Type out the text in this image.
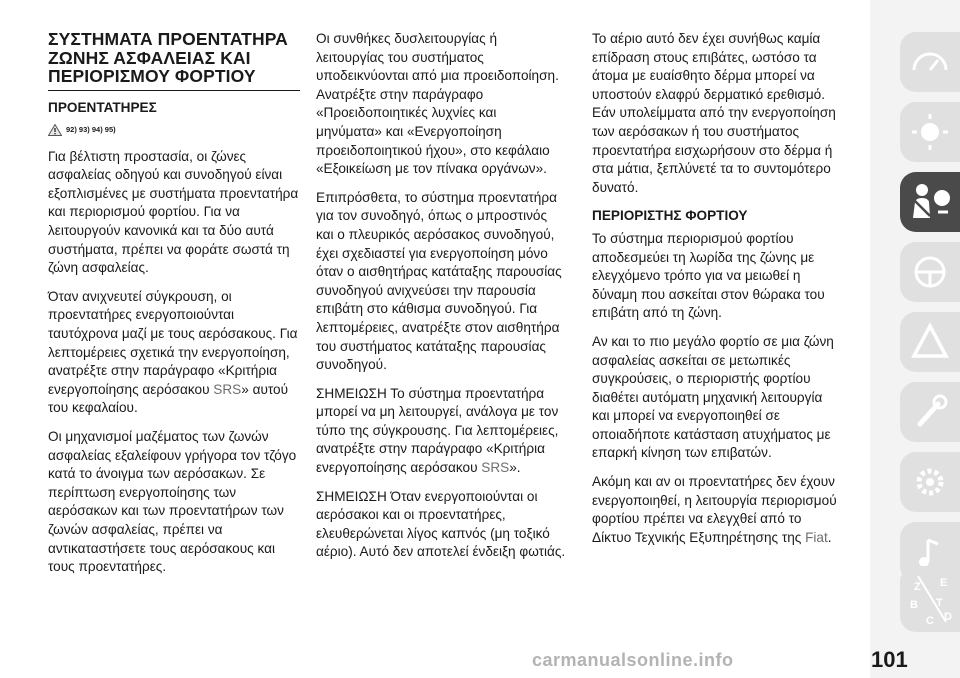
ΣΥΣΤΗΜΑΤΑ ΠΡΟΕΝΤΑΤΗΡΑ
ΖΩΝΗΣ ΑΣΦΑΛΕΙΑΣ ΚΑΙ
ΠΕΡΙΟΡΙΣΜΟΥ ΦΟΡΤΙΟΥ
ΠΡΟΕΝΤΑΤΗΡΕΣ
92) 93) 94) 95)

Για βέλτιστη προστασία, οι ζώνες ασφαλείας οδηγού και συνοδηγού είναι εξοπλισμένες με συστήματα προεντατήρα και περιορισμού φορτίου. Για να λειτουργούν κανονικά και τα δύο αυτά συστήματα, πρέπει να φοράτε σωστά τη ζώνη ασφαλείας.

Όταν ανιχνευτεί σύγκρουση, οι προεντατήρες ενεργοποιούνται ταυτόχρονα μαζί με τους αερόσακους. Για λεπτομέρειες σχετικά την ενεργοποίηση, ανατρέξτε στην παράγραφο «Κριτήρια ενεργοποίησης αερόσακου SRS» αυτού του κεφαλαίου.

Οι μηχανισμοί μαζέματος των ζωνών ασφαλείας εξαλείφουν γρήγορα τον τζόγο κατά το άνοιγμα των αερόσακων. Σε περίπτωση ενεργοποίησης των αερόσακων και των προεντατήρων των ζωνών ασφαλείας, πρέπει να αντικαταστήσετε τους αερόσακους και τους προεντατήρες.

Οι συνθήκες δυσλειτουργίας ή λειτουργίας του συστήματος υποδεικνύονται από μια προειδοποίηση. Ανατρέξτε στην παράγραφο «Προειδοποιητικές λυχνίες και μηνύματα» και «Ενεργοποίηση προειδοποιητικού ήχου», στο κεφάλαιο «Εξοικείωση με τον πίνακα οργάνων».

Επιπρόσθετα, το σύστημα προεντατήρα για τον συνοδηγό, όπως ο μπροστινός και ο πλευρικός αερόσακος συνοδηγού, έχει σχεδιαστεί για ενεργοποίηση μόνο όταν ο αισθητήρας κατάταξης παρουσίας συνοδηγού ανιχνεύσει την παρουσία επιβάτη στο κάθισμα συνοδηγού. Για λεπτομέρειες, ανατρέξτε στον αισθητήρα του συστήματος κατάταξης παρουσίας συνοδηγού.

ΣΗΜΕΙΩΣΗ Το σύστημα προεντατήρα μπορεί να μη λειτουργεί, ανάλογα με τον τύπο της σύγκρουσης. Για λεπτομέρειες, ανατρέξτε στην παράγραφο «Κριτήρια ενεργοποίησης αερόσακου SRS».

ΣΗΜΕΙΩΣΗ Όταν ενεργοποιούνται οι αερόσακοι και οι προεντατήρες, ελευθερώνεται λίγος καπνός (μη τοξικό αέριο). Αυτό δεν αποτελεί ένδειξη φωτιάς.

Το αέριο αυτό δεν έχει συνήθως καμία επίδραση στους επιβάτες, ωστόσο τα άτομα με ευαίσθητο δέρμα μπορεί να υποστούν ελαφρύ δερματικό ερεθισμό. Εάν υπολείμματα από την ενεργοποίηση των αερόσακων ή του συστήματος προεντατήρα εισχωρήσουν στο δέρμα ή στα μάτια, ξεπλύνετέ τα το συντομότερο δυνατό.

ΠΕΡΙΟΡΙΣΤΗΣ ΦΟΡΤΙΟΥ

Το σύστημα περιορισμού φορτίου αποδεσμεύει τη λωρίδα της ζώνης με ελεγχόμενο τρόπο για να μειωθεί η δύναμη που ασκείται στον θώρακα του επιβάτη από τη ζώνη.

Αν και το πιο μεγάλο φορτίο σε μια ζώνη ασφαλείας ασκείται σε μετωπικές συγκρούσεις, ο περιοριστής φορτίου διαθέτει αυτόματη μηχανική λειτουργία και μπορεί να ενεργοποιηθεί σε οποιαδήποτε κατάσταση ατυχήματος με επαρκή κίνηση των επιβατών.

Ακόμη και αν οι προεντατήρες δεν έχουν ενεργοποιηθεί, η λειτουργία περιορισμού φορτίου πρέπει να ελεγχθεί από το Δίκτυο Τεχνικής Εξυπηρέτησης της Fiat.

Z E
B
C
T
D
carmanualsonline.info	101
